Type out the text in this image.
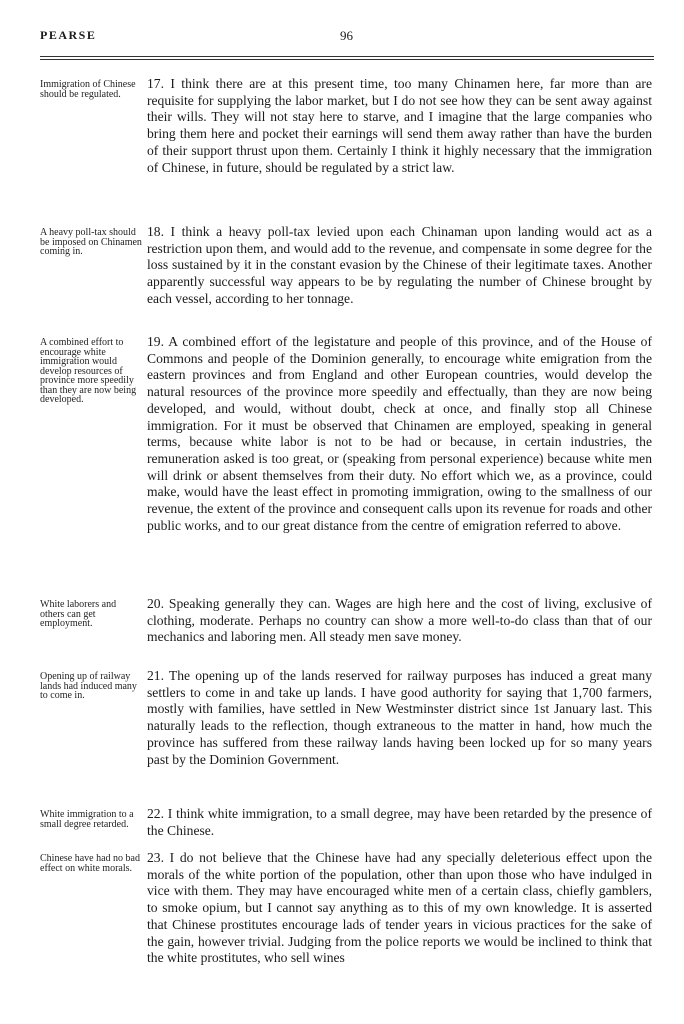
PEARSE	96
Immigration of Chinese should be regulated.
17. I think there are at this present time, too many Chinamen here, far more than are requisite for supplying the labor market, but I do not see how they can be sent away against their wills. They will not stay here to starve, and I imagine that the large companies who bring them here and pocket their earnings will send them away rather than have the burden of their support thrust upon them. Certainly I think it highly necessary that the immigration of Chinese, in future, should be regulated by a strict law.
A heavy poll-tax should be imposed on Chinamen coming in.
18. I think a heavy poll-tax levied upon each Chinaman upon landing would act as a restriction upon them, and would add to the revenue, and compensate in some degree for the loss sustained by it in the constant evasion by the Chinese of their legitimate taxes. Another apparently successful way appears to be by regulating the number of Chinese brought by each vessel, according to her tonnage.
A combined effort to encourage white immigration would develop resources of province more speedily than they are now being developed.
19. A combined effort of the legistature and people of this province, and of the House of Commons and people of the Dominion generally, to encourage white emigration from the eastern provinces and from England and other European countries, would develop the natural resources of the province more speedily and effectually, than they are now being developed, and would, without doubt, check at once, and finally stop all Chinese immigration. For it must be observed that Chinamen are employed, speaking in general terms, because white labor is not to be had or because, in certain industries, the remuneration asked is too great, or (speaking from personal experience) because white men will drink or absent themselves from their duty. No effort which we, as a province, could make, would have the least effect in promoting immigration, owing to the smallness of our revenue, the extent of the province and consequent calls upon its revenue for roads and other public works, and to our great distance from the centre of emigration referred to above.
White laborers and others can get employment.
20. Speaking generally they can. Wages are high here and the cost of living, exclusive of clothing, moderate. Perhaps no country can show a more well-to-do class than that of our mechanics and laboring men. All steady men save money.
Opening up of railway lands had induced many to come in.
21. The opening up of the lands reserved for railway purposes has induced a great many settlers to come in and take up lands. I have good authority for saying that 1,700 farmers, mostly with families, have settled in New Westminster district since 1st January last. This naturally leads to the reflection, though extraneous to the matter in hand, how much the province has suffered from these railway lands having been locked up for so many years past by the Dominion Government.
White immigration to a small degree retarded.
22. I think white immigration, to a small degree, may have been retarded by the presence of the Chinese.
Chinese have had no bad effect on white morals.
23. I do not believe that the Chinese have had any specially deleterious effect upon the morals of the white portion of the population, other than upon those who have indulged in vice with them. They may have encouraged white men of a certain class, chiefly gamblers, to smoke opium, but I cannot say anything as to this of my own knowledge. It is asserted that Chinese prostitutes encourage lads of tender years in vicious practices for the sake of the gain, however trivial. Judging from the police reports we would be inclined to think that the white prostitutes, who sell wines
